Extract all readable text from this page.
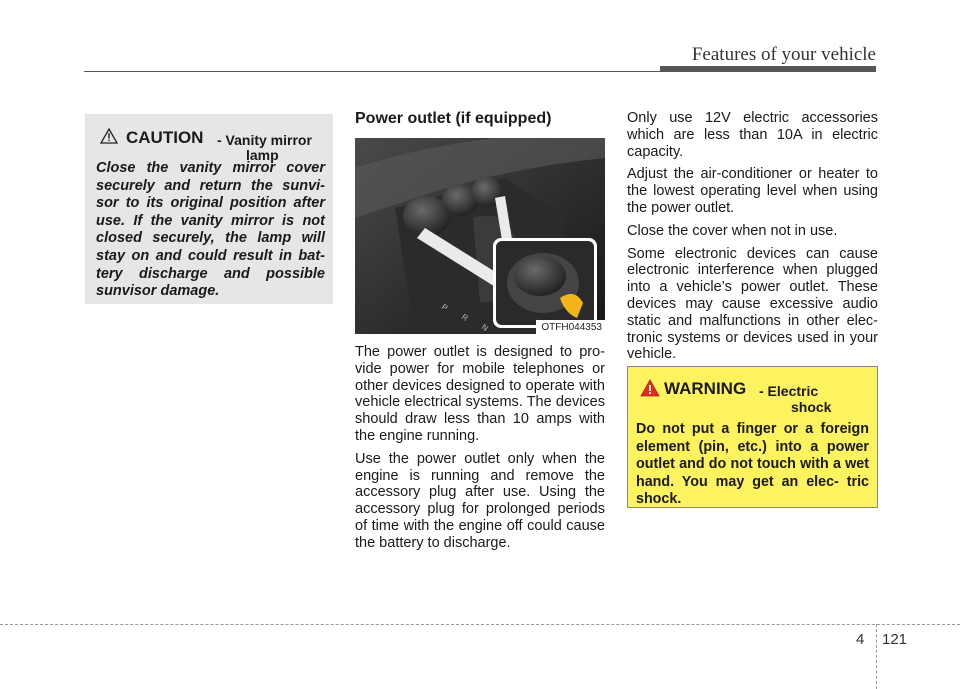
Features of your vehicle
CAUTION - Vanity mirror
lamp

Close the vanity mirror cover securely and return the sunvi- sor to its original position after use. If the vanity mirror is not closed securely, the lamp will stay on and could result in bat- tery discharge and possible sunvisor damage.

Power outlet (if equipped)
P
R
N	OTFH044353

The power outlet is designed to pro- vide power for mobile telephones or other devices designed to operate with vehicle electrical systems. The devices should draw less than 10 amps with the engine running.

Use the power outlet only when the engine is running and remove the accessory plug after use. Using the accessory plug for prolonged periods of time with the engine off could cause the battery to discharge.

Only use 12V electric accessories which are less than 10A in electric capacity.

Adjust the air-conditioner or heater to the lowest operating level when using the power outlet.

Close the cover when not in use.

Some electronic devices can cause electronic interference when plugged into a vehicle’s power outlet. These devices may cause excessive audio static and malfunctions in other elec- tronic systems or devices used in your vehicle.

WARNING - Electric
shock

Do not put a finger or a foreign element (pin, etc.) into a power outlet and do not touch with a wet hand. You may get an elec- tric shock.

4 121
